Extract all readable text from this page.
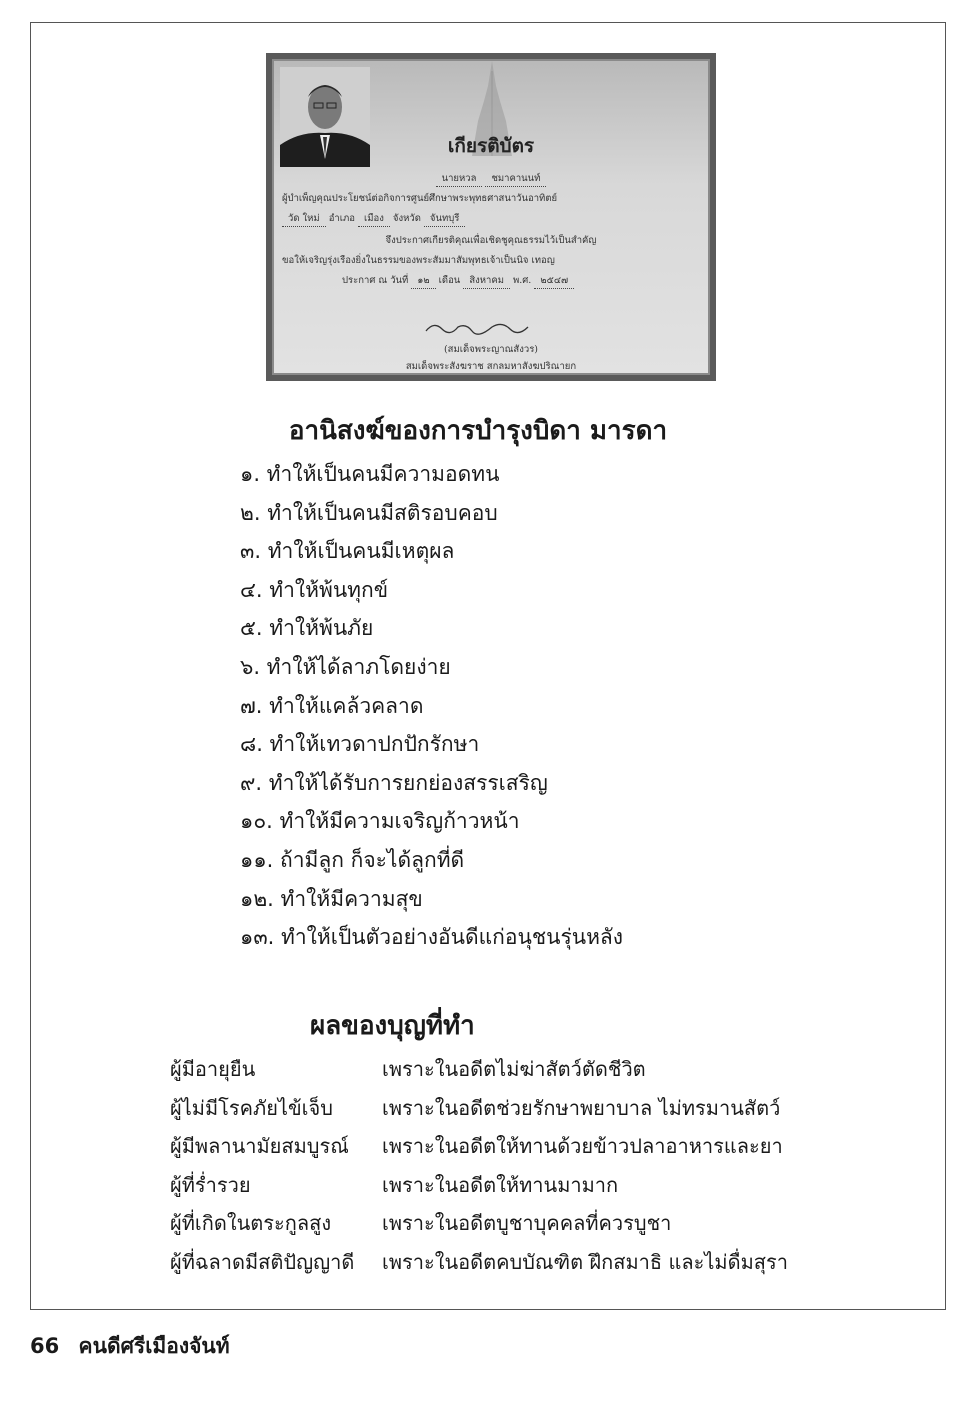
เกียรติบัตร
นายหวล ชมาคานนท์
ผู้บำเพ็ญคุณประโยชน์ต่อกิจการศูนย์ศึกษาพระพุทธศาสนาวันอาทิตย์
วัด ใหม่ อำเภอ เมือง จังหวัด จันทบุรี
จึงประกาศเกียรติคุณเพื่อเชิดชูคุณธรรมไว้เป็นสำคัญ
ขอให้เจริญรุ่งเรืองยิ่งในธรรมของพระสัมมาสัมพุทธเจ้าเป็นนิจ เทอญ
ประกาศ ณ วันที่ ๑๒ เดือน สิงหาคม พ.ศ. ๒๕๔๗
(สมเด็จพระญาณสังวร)
สมเด็จพระสังฆราช สกลมหาสังฆปริณายก
อานิสงฆ์ของการบำรุงบิดา มารดา
๑. ทำให้เป็นคนมีความอดทน
๒. ทำให้เป็นคนมีสติรอบคอบ
๓. ทำให้เป็นคนมีเหตุผล
๔. ทำให้พ้นทุกข์
๕. ทำให้พ้นภัย
๖. ทำให้ได้ลาภโดยง่าย
๗. ทำให้แคล้วคลาด
๘. ทำให้เทวดาปกปักรักษา
๙. ทำให้ได้รับการยกย่องสรรเสริญ
๑๐. ทำให้มีความเจริญก้าวหน้า
๑๑. ถ้ามีลูก ก็จะได้ลูกที่ดี
๑๒. ทำให้มีความสุข
๑๓. ทำให้เป็นตัวอย่างอันดีแก่อนุชนรุ่นหลัง
ผลของบุญที่ทำ
ผู้มีอายุยืน	เพราะในอดีตไม่ฆ่าสัตว์ตัดชีวิต
ผู้ไม่มีโรคภัยไข้เจ็บ	เพราะในอดีตช่วยรักษาพยาบาล ไม่ทรมานสัตว์
ผู้มีพลานามัยสมบูรณ์	เพราะในอดีตให้ทานด้วยข้าวปลาอาหารและยา
ผู้ที่ร่ำรวย	เพราะในอดีตให้ทานมามาก
ผู้ที่เกิดในตระกูลสูง	เพราะในอดีตบูชาบุคคลที่ควรบูชา
ผู้ที่ฉลาดมีสติปัญญาดี	เพราะในอดีตคบบัณฑิต ฝึกสมาธิ และไม่ดื่มสุรา
66 คนดีศรีเมืองจันท์
